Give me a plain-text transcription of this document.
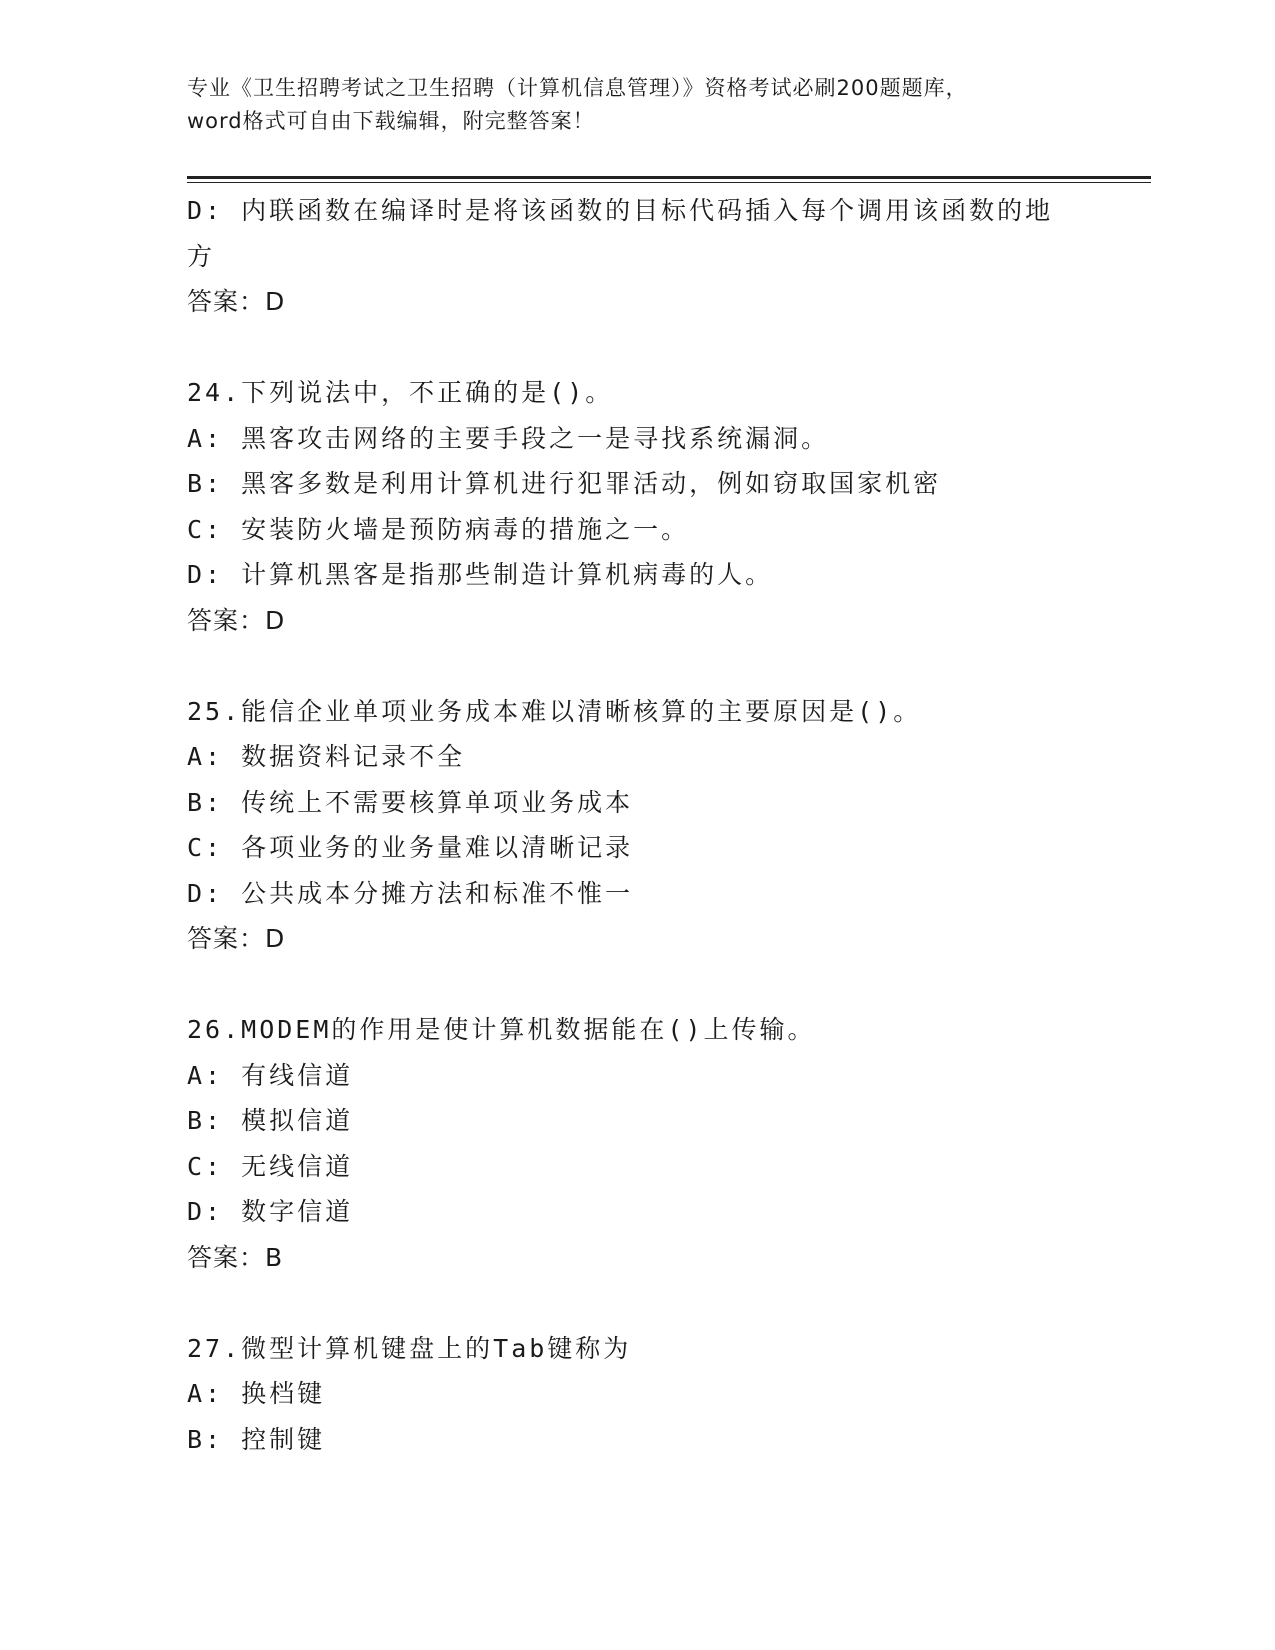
专业《卫生招聘考试之卫生招聘（计算机信息管理）》资格考试必刷200题题库，
word格式可自由下载编辑，附完整答案！
D: 内联函数在编译时是将该函数的目标代码插入每个调用该函数的地
方
答案：D
24.下列说法中，不正确的是()。
A: 黑客攻击网络的主要手段之一是寻找系统漏洞。
B: 黑客多数是利用计算机进行犯罪活动，例如窃取国家机密
C: 安装防火墙是预防病毒的措施之一。
D: 计算机黑客是指那些制造计算机病毒的人。
答案：D
25.能信企业单项业务成本难以清晰核算的主要原因是()。
A: 数据资料记录不全
B: 传统上不需要核算单项业务成本
C: 各项业务的业务量难以清晰记录
D: 公共成本分摊方法和标准不惟一
答案：D
26.MODEM的作用是使计算机数据能在()上传输。
A: 有线信道
B: 模拟信道
C: 无线信道
D: 数字信道
答案：B
27.微型计算机键盘上的Tab键称为
A: 换档键
B: 控制键
